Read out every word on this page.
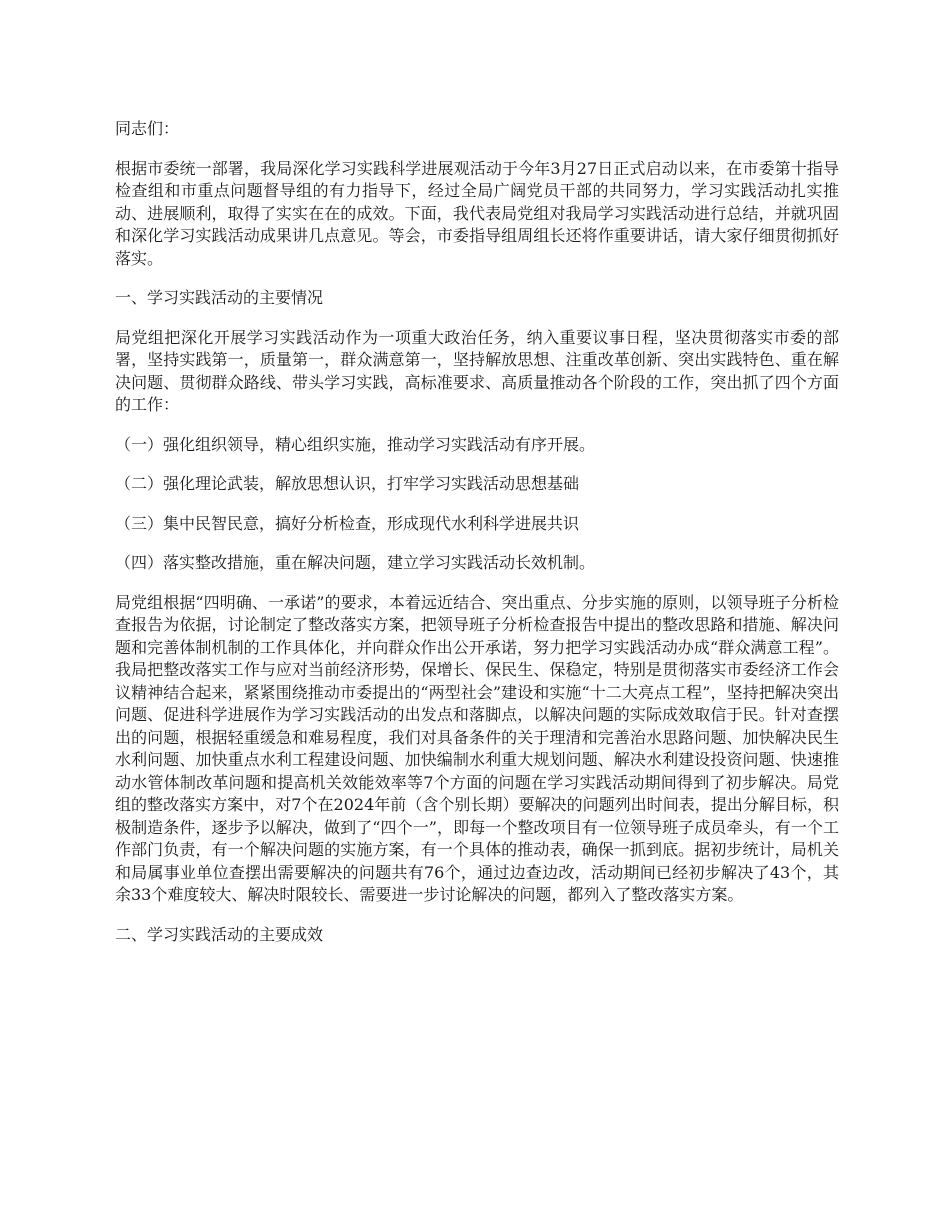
同志们：

根据市委统一部署，我局深化学习实践科学进展观活动于今年3月27日正式启动以来，在市委第十指导检查组和市重点问题督导组的有力指导下，经过全局广阔党员干部的共同努力，学习实践活动扎实推动、进展顺利，取得了实实在在的成效。下面，我代表局党组对我局学习实践活动进行总结，并就巩固和深化学习实践活动成果讲几点意见。等会，市委指导组周组长还将作重要讲话，请大家仔细贯彻抓好落实。

一、学习实践活动的主要情况

局党组把深化开展学习实践活动作为一项重大政治任务，纳入重要议事日程，坚决贯彻落实市委的部署，坚持实践第一，质量第一，群众满意第一，坚持解放思想、注重改革创新、突出实践特色、重在解决问题、贯彻群众路线、带头学习实践，高标准要求、高质量推动各个阶段的工作，突出抓了四个方面的工作：

（一）强化组织领导，精心组织实施，推动学习实践活动有序开展。

（二）强化理论武装，解放思想认识，打牢学习实践活动思想基础

（三）集中民智民意，搞好分析检查，形成现代水利科学进展共识

（四）落实整改措施，重在解决问题，建立学习实践活动长效机制。

局党组根据“四明确、一承诺”的要求，本着远近结合、突出重点、分步实施的原则，以领导班子分析检查报告为依据，讨论制定了整改落实方案，把领导班子分析检查报告中提出的整改思路和措施、解决问题和完善体制机制的工作具体化，并向群众作出公开承诺，努力把学习实践活动办成“群众满意工程”。我局把整改落实工作与应对当前经济形势，保增长、保民生、保稳定，特别是贯彻落实市委经济工作会议精神结合起来，紧紧围绕推动市委提出的“两型社会”建设和实施“十二大亮点工程”，坚持把解决突出问题、促进科学进展作为学习实践活动的出发点和落脚点，以解决问题的实际成效取信于民。针对查摆出的问题，根据轻重缓急和难易程度，我们对具备条件的关于理清和完善治水思路问题、加快解决民生水利问题、加快重点水利工程建设问题、加快编制水利重大规划问题、解决水利建设投资问题、快速推动水管体制改革问题和提高机关效能效率等7个方面的问题在学习实践活动期间得到了初步解决。局党组的整改落实方案中，对7个在2024年前（含个别长期）要解决的问题列出时间表，提出分解目标，积极制造条件，逐步予以解决，做到了“四个一”，即每一个整改项目有一位领导班子成员牵头，有一个工作部门负责，有一个解决问题的实施方案，有一个具体的推动表，确保一抓到底。据初步统计，局机关和局属事业单位查摆出需要解决的问题共有76个，通过边查边改，活动期间已经初步解决了43个，其余33个难度较大、解决时限较长、需要进一步讨论解决的问题，都列入了整改落实方案。

二、学习实践活动的主要成效
